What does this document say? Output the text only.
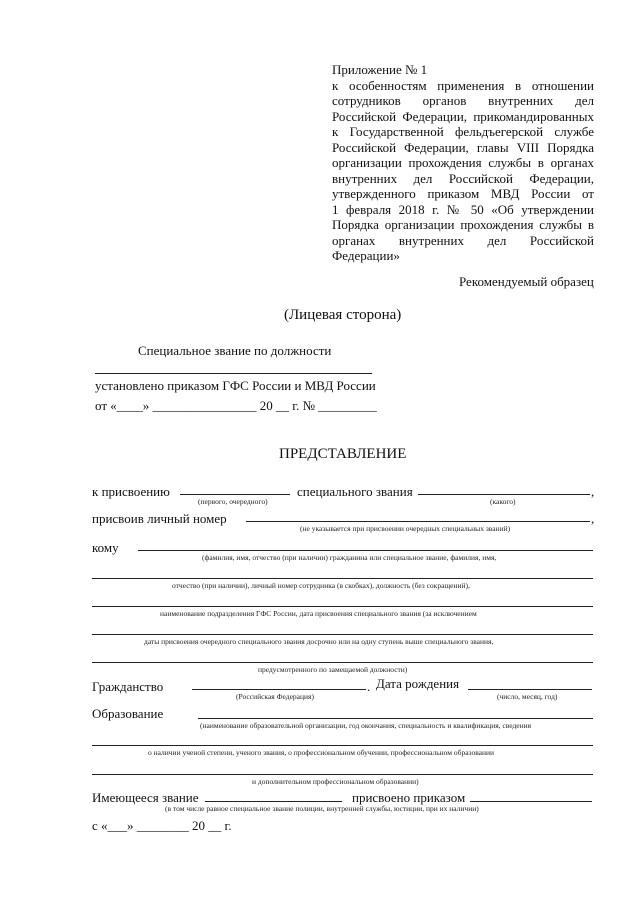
Приложение № 1
к особенностям применения в отношении
сотрудников органов внутренних дел
Российской Федерации, прикомандированных
к Государственной фельдъегерской службе
Российской Федерации, главы VIII Порядка
организации прохождения службы в органах
внутренних дел Российской Федерации,
утвержденного приказом МВД России от
1 февраля 2018 г. № 50 «Об утверждении
Порядка организации прохождения службы в
органах внутренних дел Российской
Федерации»
Рекомендуемый образец
(Лицевая сторона)
Специальное звание по должности
установлено приказом ГФС России и МВД России
от «____» ________________ 20 __ г. № _________
ПРЕДСТАВЛЕНИЕ
к присвоению	специального звания	,
(первого, очередного)	(какого)
присвоив личный номер	,
(не указывается при присвоении очередных специальных званий)
кому
(фамилия, имя, отчество (при наличии) гражданина или специальное звание, фамилия, имя,
отчество (при наличии), личный номер сотрудника (в скобках), должность (без сокращений),
наименование подразделения ГФС России, дата присвоения специального звания (за исключением
даты присвоения очередного специального звания досрочно или на одну ступень выше специального звания,
предусмотренного по замещаемой должности)
Гражданство	. Дата рождения
(Российская Федерация)	(число, месяц, год)
Образование
(наименование образовательной организации, год окончания, специальность и квалификация, сведения
о наличии ученой степени, ученого звания, о профессиональном обучении, профессиональном образовании
и дополнительном профессиональном образовании)
Имеющееся звание	присвоено приказом
(в том числе равное специальное звание полиции, внутренней службы, юстиции, при их наличии)
с «___» ________ 20 __ г.
